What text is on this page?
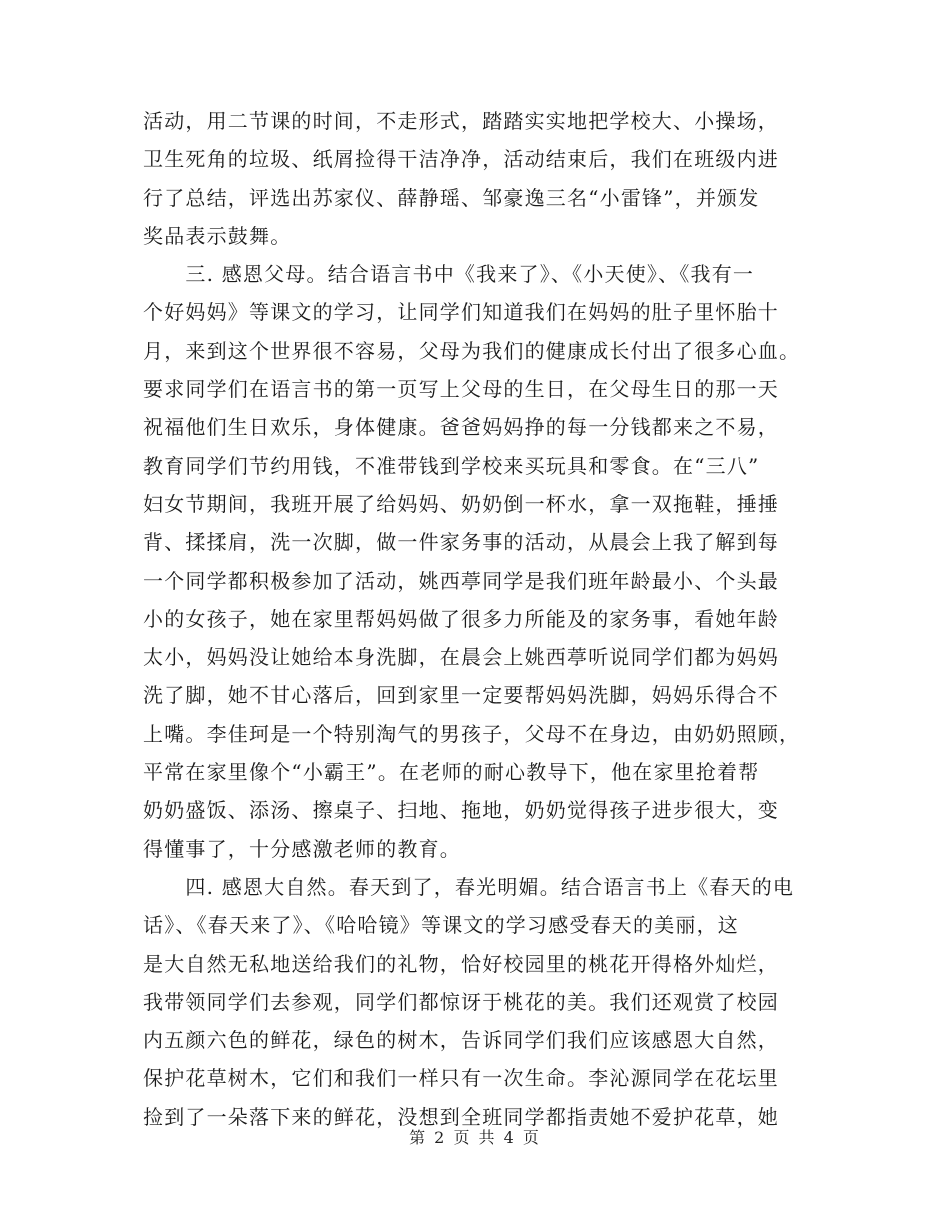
活动，用二节课的时间，不走形式，踏踏实实地把学校大、小操场，
卫生死角的垃圾、纸屑捡得干洁净净，活动结束后，我们在班级内进
行了总结，评选出苏家仪、薛静瑶、邹豪逸三名“小雷锋”，并颁发
奖品表示鼓舞。
　　三. 感恩父母。结合语言书中《我来了》、《小天使》、《我有一
个好妈妈》等课文的学习，让同学们知道我们在妈妈的肚子里怀胎十
月，来到这个世界很不容易，父母为我们的健康成长付出了很多心血。
要求同学们在语言书的第一页写上父母的生日，在父母生日的那一天
祝福他们生日欢乐，身体健康。爸爸妈妈挣的每一分钱都来之不易，
教育同学们节约用钱，不准带钱到学校来买玩具和零食。在“三八”
妇女节期间，我班开展了给妈妈、奶奶倒一杯水，拿一双拖鞋，捶捶
背、揉揉肩，洗一次脚，做一件家务事的活动，从晨会上我了解到每
一个同学都积极参加了活动，姚西葶同学是我们班年龄最小、个头最
小的女孩子，她在家里帮妈妈做了很多力所能及的家务事，看她年龄
太小，妈妈没让她给本身洗脚，在晨会上姚西葶听说同学们都为妈妈
洗了脚，她不甘心落后，回到家里一定要帮妈妈洗脚，妈妈乐得合不
上嘴。李佳珂是一个特别淘气的男孩子，父母不在身边，由奶奶照顾，
平常在家里像个“小霸王”。在老师的耐心教导下，他在家里抢着帮
奶奶盛饭、添汤、擦桌子、扫地、拖地，奶奶觉得孩子进步很大，变
得懂事了，十分感激老师的教育。
　　四. 感恩大自然。春天到了，春光明媚。结合语言书上《春天的电
话》、《春天来了》、《哈哈镜》等课文的学习感受春天的美丽，这
是大自然无私地送给我们的礼物，恰好校园里的桃花开得格外灿烂，
我带领同学们去参观，同学们都惊讶于桃花的美。我们还观赏了校园
内五颜六色的鲜花，绿色的树木，告诉同学们我们应该感恩大自然，
保护花草树木，它们和我们一样只有一次生命。李沁源同学在花坛里
捡到了一朵落下来的鲜花，没想到全班同学都指责她不爱护花草，她
第 2 页 共 4 页
